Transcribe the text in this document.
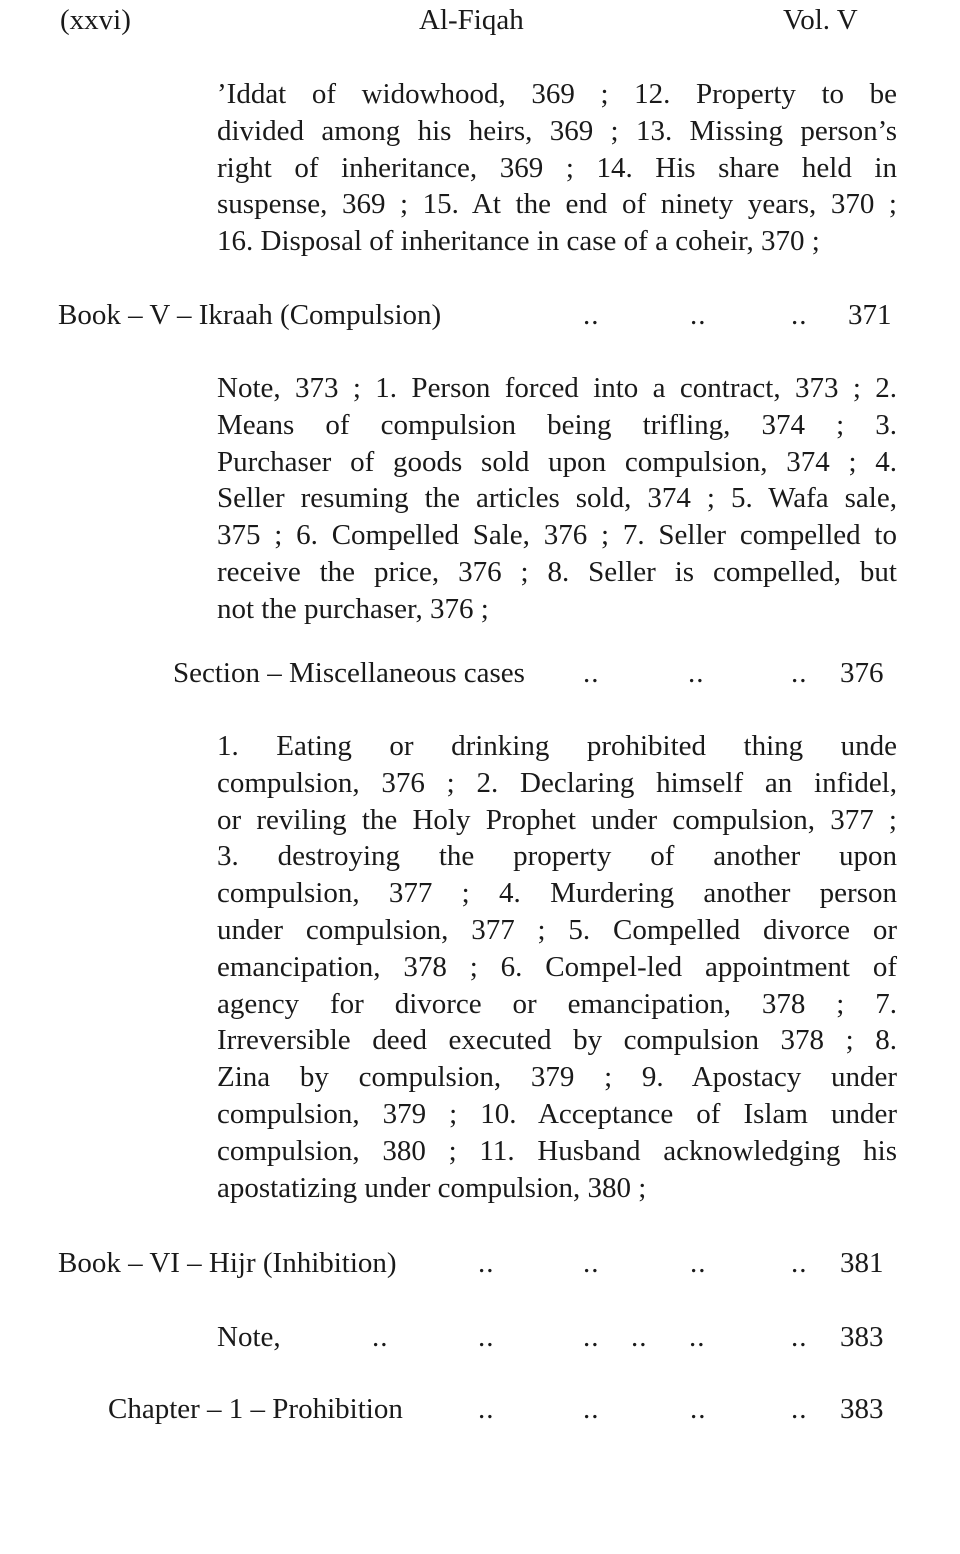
(xxvi)	Al-Fiqah	Vol. V
’Iddat of widowhood, 369 ; 12. Property to be
divided among his heirs, 369 ; 13. Missing person’s
right of inheritance, 369 ; 14. His share held in
suspense, 369 ; 15. At the end of ninety years, 370 ;
16. Disposal of inheritance in case of a coheir, 370 ;
Book – V – Ikraah (Compulsion)	..	..	.. 371
Note, 373 ; 1. Person forced into a contract, 373 ; 2.
Means of compulsion being trifling, 374 ; 3.
Purchaser of goods sold upon compulsion, 374 ; 4.
Seller resuming the articles sold, 374 ; 5. Wafa sale,
375 ; 6. Compelled Sale, 376 ; 7. Seller compelled to
receive the price, 376 ; 8. Seller is compelled, but
not the purchaser, 376 ;
Section – Miscellaneous cases ..	..	.. 376
1. Eating or drinking prohibited thing unde
compulsion, 376 ; 2. Declaring himself an infidel,
or reviling the Holy Prophet under compulsion, 377 ;
3. destroying the property of another upon
compulsion, 377 ; 4. Murdering another person
under compulsion, 377 ; 5. Compelled divorce or
emancipation, 378 ; 6. Compel-led appointment of
agency for divorce or emancipation, 378 ; 7.
Irreversible deed executed by compulsion 378 ; 8.
Zina by compulsion, 379 ; 9. Apostacy under
compulsion, 379 ; 10. Acceptance of Islam under
compulsion, 380 ; 11. Husband acknowledging his
apostatizing under compulsion, 380 ;
Book – VI – Hijr (Inhibition)	..	..	..	.. 381
Note,	..	..	.. .. ..	.. 383
Chapter – 1 – Prohibition	..	..	..	.. 383
